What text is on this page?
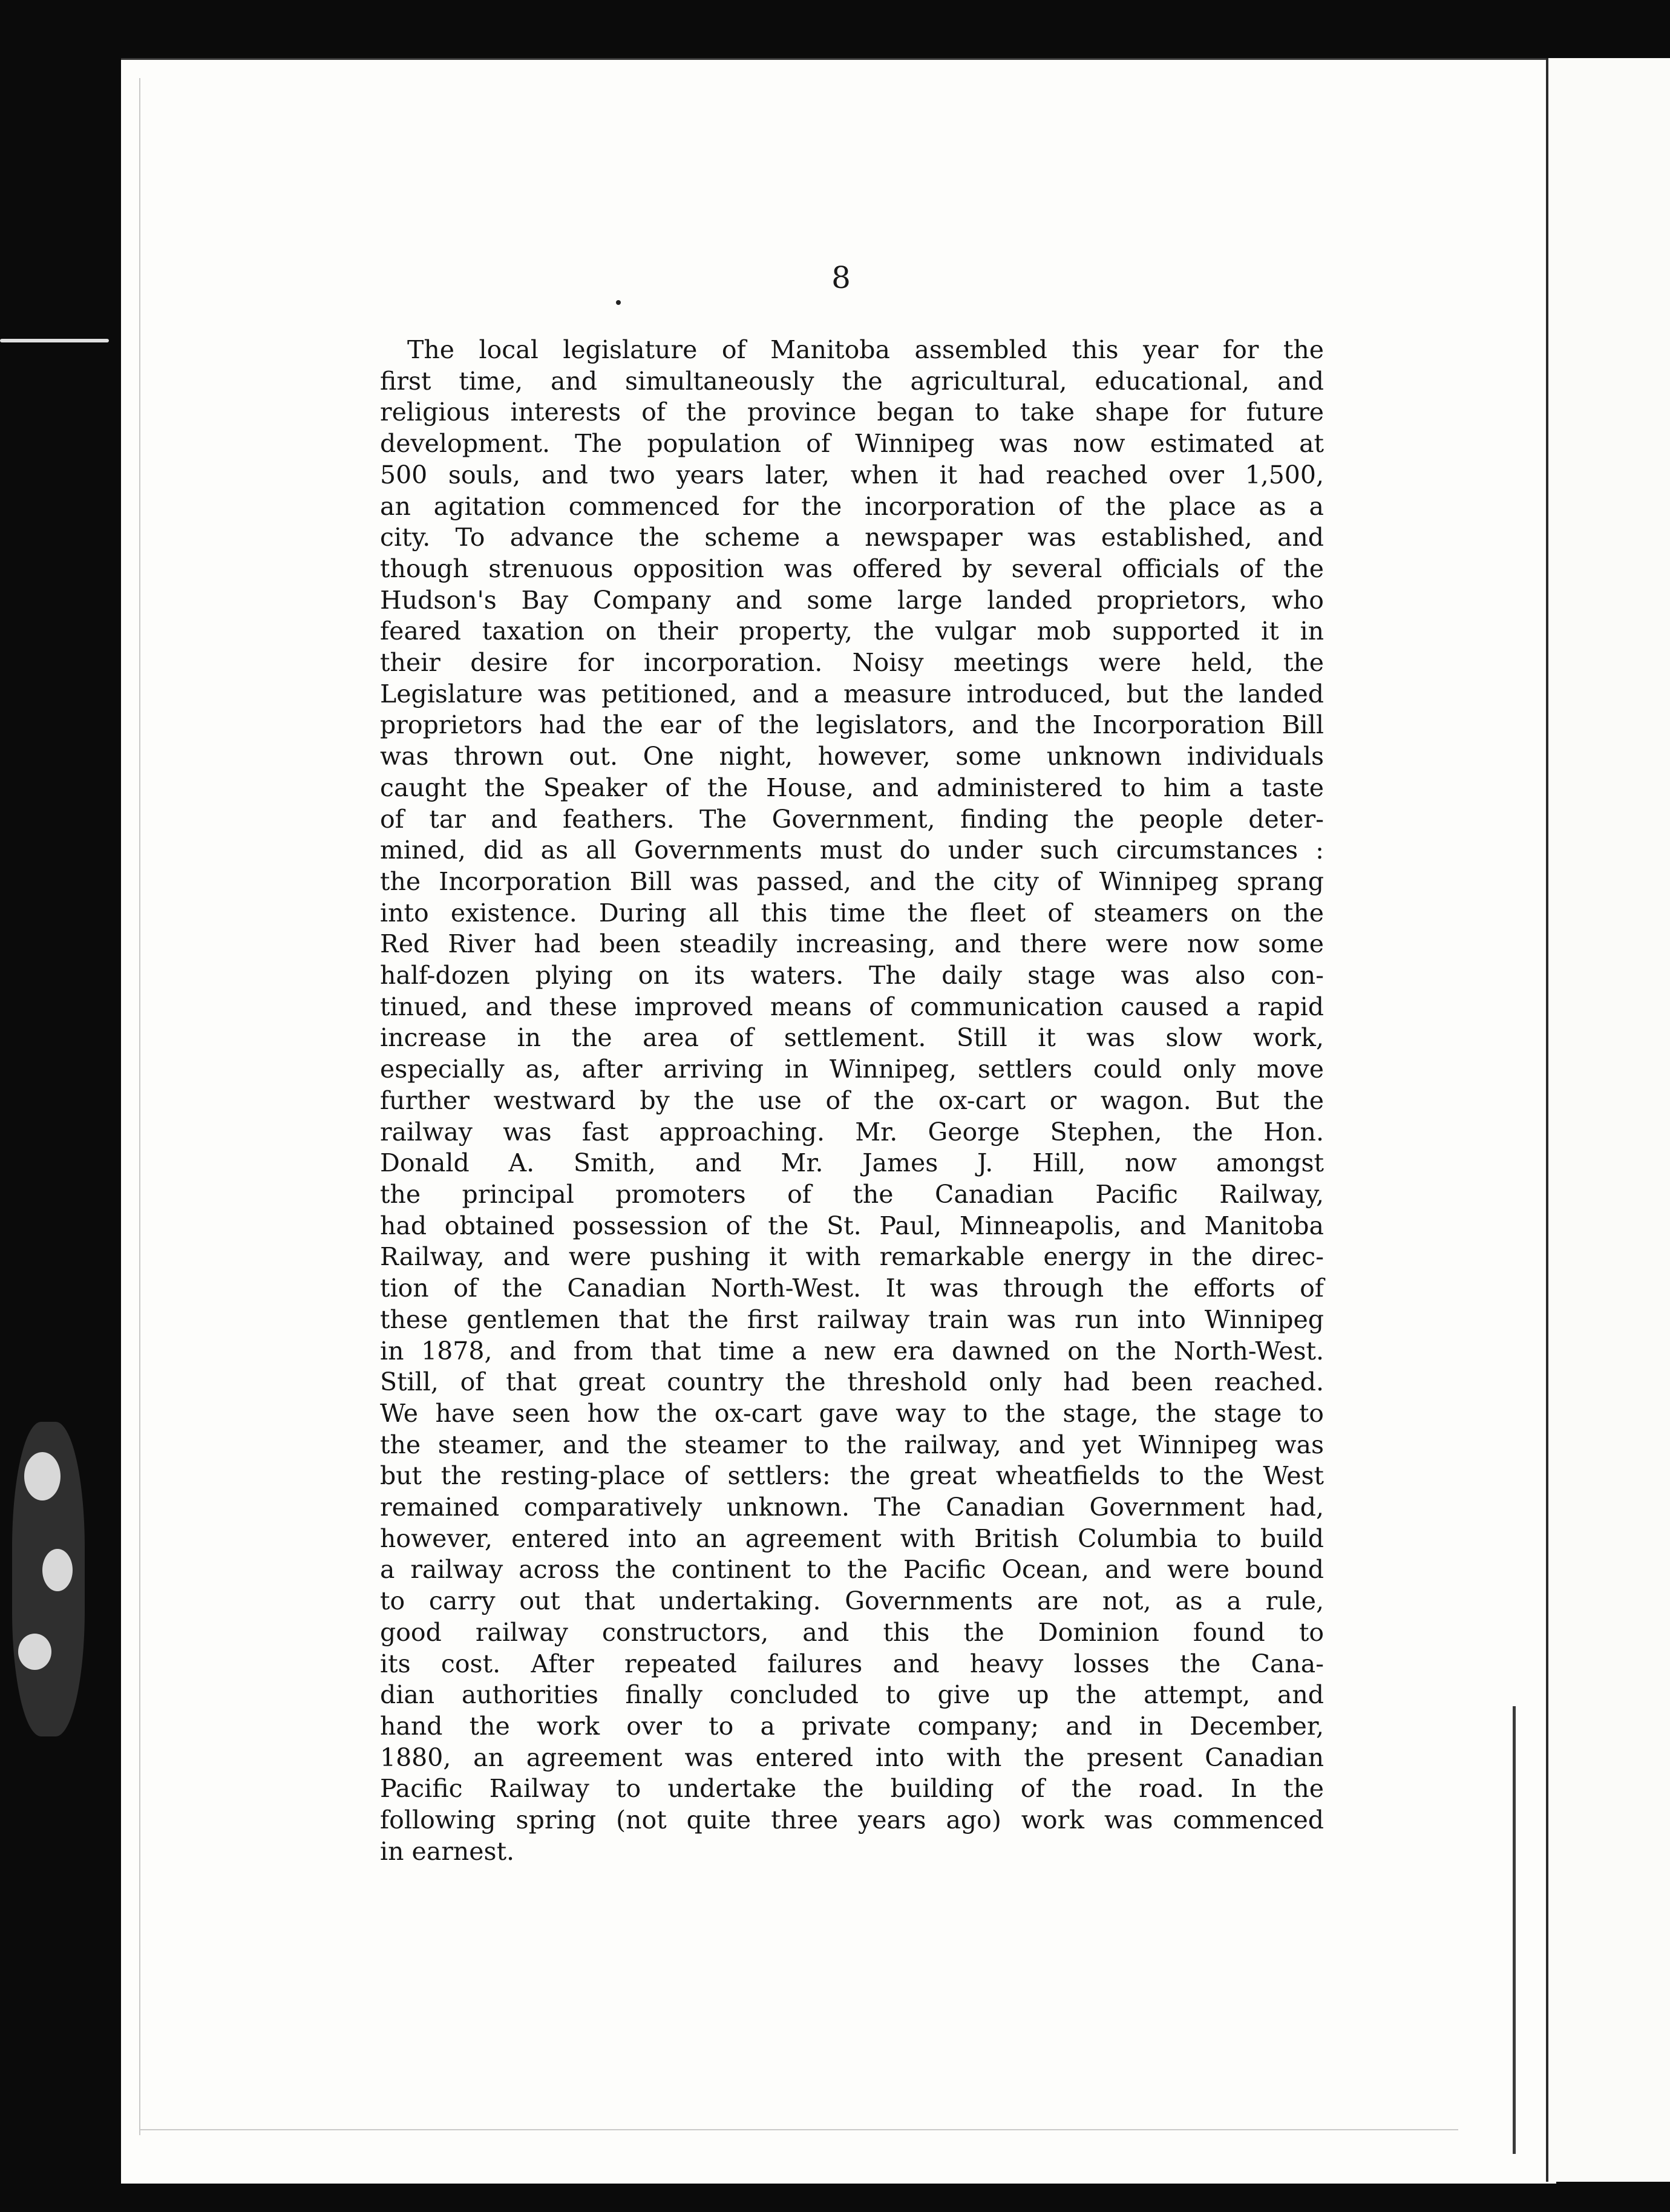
8
The local legislature of Manitoba assembled this year for the
first time, and simultaneously the agricultural, educational, and
religious interests of the province began to take shape for future
development. The population of Winnipeg was now estimated at
500 souls, and two years later, when it had reached over 1,500,
an agitation commenced for the incorporation of the place as a
city. To advance the scheme a newspaper was established, and
though strenuous opposition was offered by several officials of the
Hudson's Bay Company and some large landed proprietors, who
feared taxation on their property, the vulgar mob supported it in
their desire for incorporation. Noisy meetings were held, the
Legislature was petitioned, and a measure introduced, but the landed
proprietors had the ear of the legislators, and the Incorporation Bill
was thrown out. One night, however, some unknown individuals
caught the Speaker of the House, and administered to him a taste
of tar and feathers. The Government, finding the people deter-
mined, did as all Governments must do under such circumstances :
the Incorporation Bill was passed, and the city of Winnipeg sprang
into existence. During all this time the fleet of steamers on the
Red River had been steadily increasing, and there were now some
half-dozen plying on its waters. The daily stage was also con-
tinued, and these improved means of communication caused a rapid
increase in the area of settlement. Still it was slow work,
especially as, after arriving in Winnipeg, settlers could only move
further westward by the use of the ox-cart or wagon. But the
railway was fast approaching. Mr. George Stephen, the Hon.
Donald A. Smith, and Mr. James J. Hill, now amongst
the principal promoters of the Canadian Pacific Railway,
had obtained possession of the St. Paul, Minneapolis, and Manitoba
Railway, and were pushing it with remarkable energy in the direc-
tion of the Canadian North-West. It was through the efforts of
these gentlemen that the first railway train was run into Winnipeg
in 1878, and from that time a new era dawned on the North-West.
Still, of that great country the threshold only had been reached.
We have seen how the ox-cart gave way to the stage, the stage to
the steamer, and the steamer to the railway, and yet Winnipeg was
but the resting-place of settlers: the great wheatfields to the West
remained comparatively unknown. The Canadian Government had,
however, entered into an agreement with British Columbia to build
a railway across the continent to the Pacific Ocean, and were bound
to carry out that undertaking. Governments are not, as a rule,
good railway constructors, and this the Dominion found to
its cost. After repeated failures and heavy losses the Cana-
dian authorities finally concluded to give up the attempt, and
hand the work over to a private company; and in December,
1880, an agreement was entered into with the present Canadian
Pacific Railway to undertake the building of the road. In the
following spring (not quite three years ago) work was commenced
in earnest.
